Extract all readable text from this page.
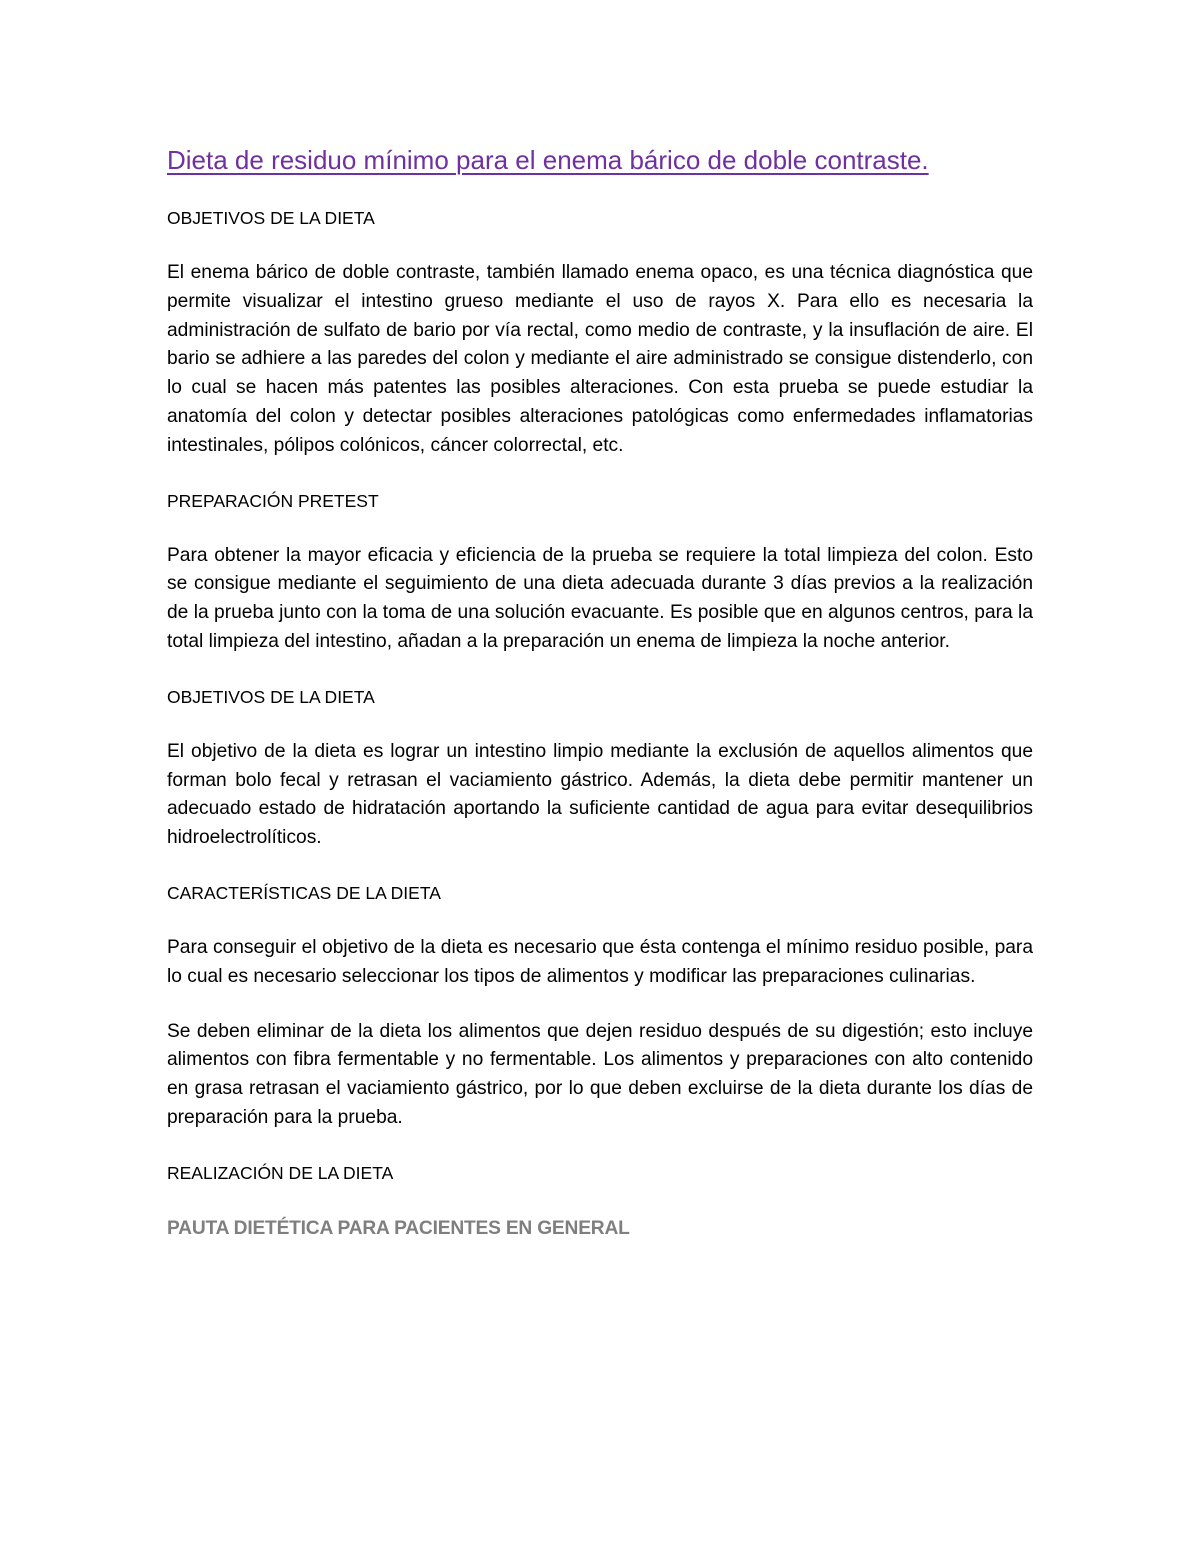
Dieta de residuo mínimo para el enema bárico de doble contraste.
OBJETIVOS DE LA DIETA

El enema bárico de doble contraste, también llamado enema opaco, es una técnica diagnóstica que permite visualizar el intestino grueso mediante el uso de rayos X. Para ello es necesaria la administración de sulfato de bario por vía rectal, como medio de contraste, y la insuflación de aire. El bario se adhiere a las paredes del colon y mediante el aire administrado se consigue distenderlo, con lo cual se hacen más patentes las posibles alteraciones. Con esta prueba se puede estudiar la anatomía del colon y detectar posibles alteraciones patológicas como enfermedades inflamatorias intestinales, pólipos colónicos, cáncer colorrectal, etc.

PREPARACIÓN PRETEST

Para obtener la mayor eficacia y eficiencia de la prueba se requiere la total limpieza del colon. Esto se consigue mediante el seguimiento de una dieta adecuada durante 3 días previos a la realización de la prueba junto con la toma de una solución evacuante. Es posible que en algunos centros, para la total limpieza del intestino, añadan a la preparación un enema de limpieza la noche anterior.

OBJETIVOS DE LA DIETA

El objetivo de la dieta es lograr un intestino limpio mediante la exclusión de aquellos alimentos que forman bolo fecal y retrasan el vaciamiento gástrico. Además, la dieta debe permitir mantener un adecuado estado de hidratación aportando la suficiente cantidad de agua para evitar desequilibrios hidroelectrolíticos.

CARACTERÍSTICAS DE LA DIETA

Para conseguir el objetivo de la dieta es necesario que ésta contenga el mínimo residuo posible, para lo cual es necesario seleccionar los tipos de alimentos y modificar las preparaciones culinarias.

Se deben eliminar de la dieta los alimentos que dejen residuo después de su digestión; esto incluye alimentos con fibra fermentable y no fermentable. Los alimentos y preparaciones con alto contenido en grasa retrasan el vaciamiento gástrico, por lo que deben excluirse de la dieta durante los días de preparación para la prueba.

REALIZACIÓN DE LA DIETA
PAUTA DIETÉTICA PARA PACIENTES EN GENERAL
